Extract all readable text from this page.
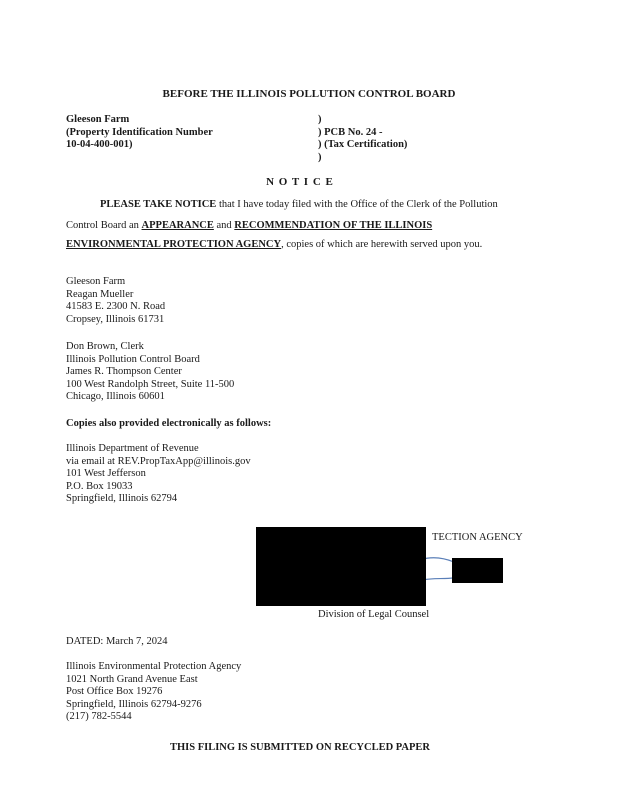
BEFORE THE ILLINOIS POLLUTION CONTROL BOARD
Gleeson Farm
(Property Identification Number
10-04-400-001)
)
) PCB No. 24 -
) (Tax Certification)
)
N O T I C E
PLEASE TAKE NOTICE that I have today filed with the Office of the Clerk of the Pollution
Control Board an APPEARANCE and RECOMMENDATION OF THE ILLINOIS
ENVIRONMENTAL PROTECTION AGENCY, copies of which are herewith served upon you.
Gleeson Farm
Reagan Mueller
41583 E. 2300 N. Road
Cropsey, Illinois 61731
Don Brown, Clerk
Illinois Pollution Control Board
James R. Thompson Center
100 West Randolph Street, Suite 11-500
Chicago, Illinois 60601
Copies also provided electronically as follows:
Illinois Department of Revenue
via email at REV.PropTaxApp@illinois.gov
101 West Jefferson
P.O. Box 19033
Springfield, Illinois 62794
TECTION AGENCY
Division of Legal Counsel
DATED: March 7, 2024
Illinois Environmental Protection Agency
1021 North Grand Avenue East
Post Office Box 19276
Springfield, Illinois 62794-9276
(217) 782-5544
THIS FILING IS SUBMITTED ON RECYCLED PAPER
